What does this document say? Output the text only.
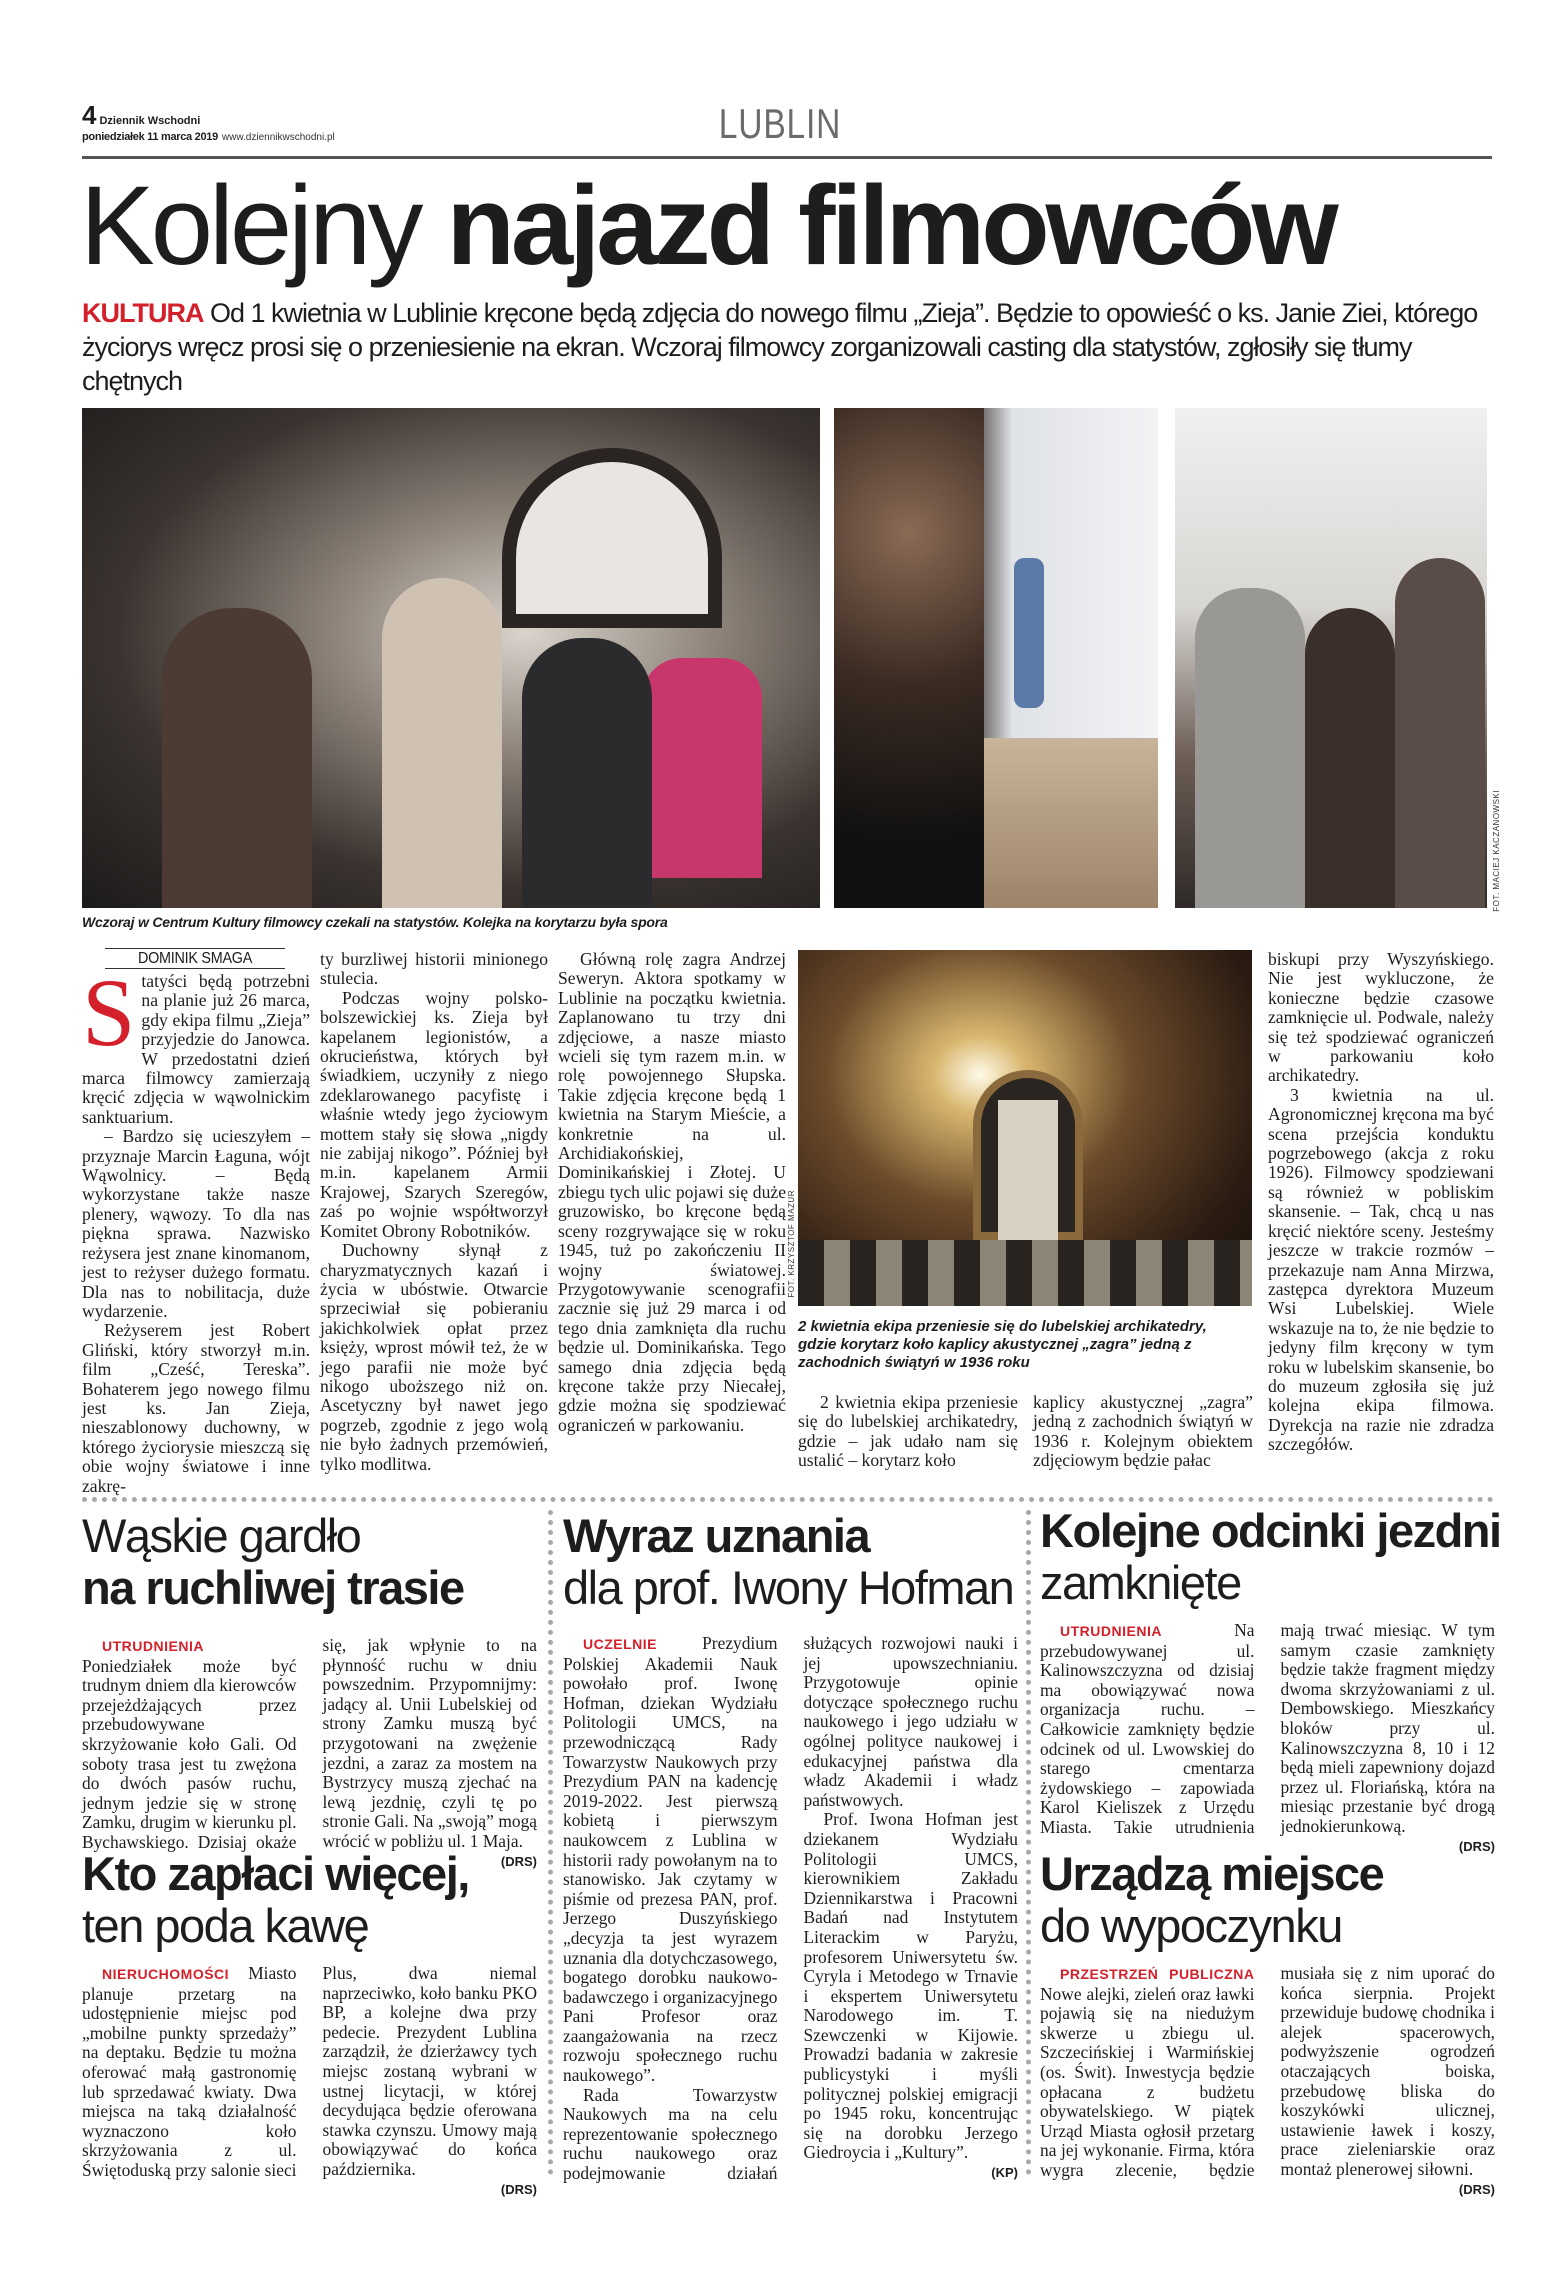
4 Dziennik Wschodni
poniedziałek 11 marca 2019 www.dziennikwschodni.pl	LUBLIN
Kolejny najazd filmowców
KULTURA Od 1 kwietnia w Lublinie kręcone będą zdjęcia do nowego filmu „Zieja”. Będzie to opowieść o ks. Janie Ziei, którego życiorys wręcz prosi się o przeniesienie na ekran. Wczoraj filmowcy zorganizowali casting dla statystów, zgłosiły się tłumy chętnych
FOT. MACIEJ KACZANOWSKI
Wczoraj w Centrum Kultury filmowcy czekali na statystów. Kolejka na korytarzu była spora
DOMINIK SMAGA

Statyści będą potrzebni na planie już 26 marca, gdy ekipa filmu „Zieja” przyjedzie do Janowca. W przedostatni dzień marca filmowcy zamierzają kręcić zdjęcia w wąwolnickim sanktuarium.

– Bardzo się ucieszyłem – przyznaje Marcin Łaguna, wójt Wąwolnicy. – Będą wykorzystane także nasze plenery, wąwozy. To dla nas piękna sprawa. Nazwisko reżysera jest znane kinomanom, jest to reżyser dużego formatu. Dla nas to nobilitacja, duże wydarzenie.

Reżyserem jest Robert Gliński, który stworzył m.in. film „Cześć, Tereska”. Bohaterem jego nowego filmu jest ks. Jan Zieja, nieszablonowy duchowny, w którego życiorysie mieszczą się obie wojny światowe i inne zakrę-

ty burzliwej historii minionego stulecia.

Podczas wojny polsko-bolszewickiej ks. Zieja był kapelanem legionistów, a okrucieństwa, których był świadkiem, uczyniły z niego zdeklarowanego pacyfistę i właśnie wtedy jego życiowym mottem stały się słowa „nigdy nie zabijaj nikogo”. Później był m.in. kapelanem Armii Krajowej, Szarych Szeregów, zaś po wojnie współtworzył Komitet Obrony Robotników.

Duchowny słynął z charyzmatycznych kazań i życia w ubóstwie. Otwarcie sprzeciwiał się pobieraniu jakichkolwiek opłat przez księży, wprost mówił też, że w jego parafii nie może być nikogo uboższego niż on. Ascetyczny był nawet jego pogrzeb, zgodnie z jego wolą nie było żadnych przemówień, tylko modlitwa.

Główną rolę zagra Andrzej Seweryn. Aktora spotkamy w Lublinie na początku kwietnia. Zaplanowano tu trzy dni zdjęciowe, a nasze miasto wcieli się tym razem m.in. w rolę powojennego Słupska. Takie zdjęcia kręcone będą 1 kwietnia na Starym Mieście, a konkretnie na ul. Archidiakońskiej, Dominikańskiej i Złotej. U zbiegu tych ulic pojawi się duże gruzowisko, bo kręcone będą sceny rozgrywające się w roku 1945, tuż po zakończeniu II wojny światowej. Przygotowywanie scenografii zacznie się już 29 marca i od tego dnia zamknięta dla ruchu będzie ul. Dominikańska. Tego samego dnia zdjęcia będą kręcone także przy Niecałej, gdzie można się spodziewać ograniczeń w parkowaniu.

FOT. KRZYSZTOF MAZUR
2 kwietnia ekipa przeniesie się do lubelskiej archikatedry, gdzie korytarz koło kaplicy akustycznej „zagra” jedną z zachodnich świątyń w 1936 roku

2 kwietnia ekipa przeniesie się do lubelskiej archikatedry, gdzie – jak udało nam się ustalić – korytarz koło

kaplicy akustycznej „zagra” jedną z zachodnich świątyń w 1936 r. Kolejnym obiektem zdjęciowym będzie pałac

biskupi przy Wyszyńskiego. Nie jest wykluczone, że konieczne będzie czasowe zamknięcie ul. Podwale, należy się też spodziewać ograniczeń w parkowaniu koło archikatedry.

3 kwietnia na ul. Agronomicznej kręcona ma być scena przejścia konduktu pogrzebowego (akcja z roku 1926). Filmowcy spodziewani są również w pobliskim skansenie. – Tak, chcą u nas kręcić niektóre sceny. Jesteśmy jeszcze w trakcie rozmów – przekazuje nam Anna Mirzwa, zastępca dyrektora Muzeum Wsi Lubelskiej. Wiele wskazuje na to, że nie będzie to jedyny film kręcony w tym roku w lubelskim skansenie, bo do muzeum zgłosiła się już kolejna ekipa filmowa. Dyrekcja na razie nie zdradza szczegółów.

Wąskie gardło
na ruchliwej trasie

UTRUDNIENIA Poniedziałek może być trudnym dniem dla kierowców przejeżdżających przez przebudowywane skrzyżowanie koło Gali. Od soboty trasa jest tu zwężona do dwóch pasów ruchu, jednym jedzie się w stronę Zamku, drugim w kierunku pl. Bychawskiego. Dzisiaj okaże się, jak wpłynie to na płynność ruchu w dniu powszednim. Przypomnijmy: jadący al. Unii Lubelskiej od strony Zamku muszą być przygotowani na zwężenie jezdni, a zaraz za mostem na Bystrzycy muszą zjechać na lewą jezdnię, czyli tę po stronie Gali. Na „swoją” mogą wrócić w pobliżu ul. 1 Maja.

(DRS)
Kto zapłaci więcej,
ten poda kawę

NIERUCHOMOŚCI Miasto planuje przetarg na udostępnienie miejsc pod „mobilne punkty sprzedaży” na deptaku. Będzie tu można oferować małą gastronomię lub sprzedawać kwiaty. Dwa miejsca na taką działalność wyznaczono koło skrzyżowania z ul. Świętoduską przy salonie sieci Plus, dwa niemal naprzeciwko, koło banku PKO BP, a kolejne dwa przy pedecie. Prezydent Lublina zarządził, że dzierżawcy tych miejsc zostaną wybrani w ustnej licytacji, w której decydująca będzie oferowana stawka czynszu. Umowy mają obowiązywać do końca października.

(DRS)
Wyraz uznania
dla prof. Iwony Hofman

UCZELNIE	Prezydium Polskiej Akademii Nauk powołało prof. Iwonę Hofman, dziekan Wydziału Politologii UMCS, na przewodniczącą Rady Towarzystw Naukowych przy Prezydium PAN na kadencję 2019-2022. Jest pierwszą kobietą i pierwszym naukowcem z Lublina w historii rady powołanym na to stanowisko. Jak czytamy w piśmie od prezesa PAN, prof. Jerzego Duszyńskiego „decyzja ta jest wyrazem uznania dla dotychczasowego, bogatego dorobku naukowo-badawczego i organizacyjnego Pani Profesor oraz zaangażowania na rzecz rozwoju społecznego ruchu naukowego”.

Rada Towarzystw Naukowych ma na celu reprezentowanie społecznego ruchu naukowego oraz podejmowanie działań służących rozwojowi nauki i jej upowszechnianiu. Przygotowuje opinie dotyczące społecznego ruchu naukowego i jego udziału w ogólnej polityce naukowej i edukacyjnej państwa dla władz Akademii i władz państwowych.

Prof. Iwona Hofman jest dziekanem Wydziału Politologii UMCS, kierownikiem Zakładu Dziennikarstwa i Pracowni Badań nad Instytutem Literackim w Paryżu, profesorem Uniwersytetu św. Cyryla i Metodego w Trnavie i ekspertem Uniwersytetu Narodowego im. T. Szewczenki w Kijowie. Prowadzi badania w zakresie publicystyki i myśli politycznej polskiej emigracji po 1945 roku, koncentrując się na dorobku Jerzego Giedroycia i „Kultury”.

(KP)
Kolejne odcinki jezdni
zamknięte

UTRUDNIENIA	Na przebudowywanej ul. Kalinowszczyzna od dzisiaj ma obowiązywać nowa organizacja ruchu. – Całkowicie zamknięty będzie odcinek od ul. Lwowskiej do starego cmentarza żydowskiego – zapowiada Karol Kieliszek z Urzędu Miasta. Takie utrudnienia mają trwać miesiąc. W tym samym czasie zamknięty będzie także fragment między dwoma skrzyżowaniami z ul. Dembowskiego. Mieszkańcy bloków przy ul. Kalinowszczyzna 8, 10 i 12 będą mieli zapewniony dojazd przez ul. Floriańską, która na miesiąc przestanie być drogą jednokierunkową.

(DRS)
Urządzą miejsce
do wypoczynku

PRZESTRZEŃ PUBLICZNA Nowe alejki, zieleń oraz ławki pojawią się na niedużym skwerze u zbiegu ul. Szczecińskiej i Warmińskiej (os. Świt). Inwestycja będzie opłacana z budżetu obywatelskiego. W piątek Urząd Miasta ogłosił przetarg na jej wykonanie. Firma, która wygra zlecenie, będzie musiała się z nim uporać do końca sierpnia. Projekt przewiduje budowę chodnika i alejek spacerowych, podwyższenie ogrodzeń otaczających boiska, przebudowę bliska do koszykówki ulicznej, ustawienie ławek i koszy, prace zieleniarskie oraz montaż plenerowej siłowni.

(DRS)
